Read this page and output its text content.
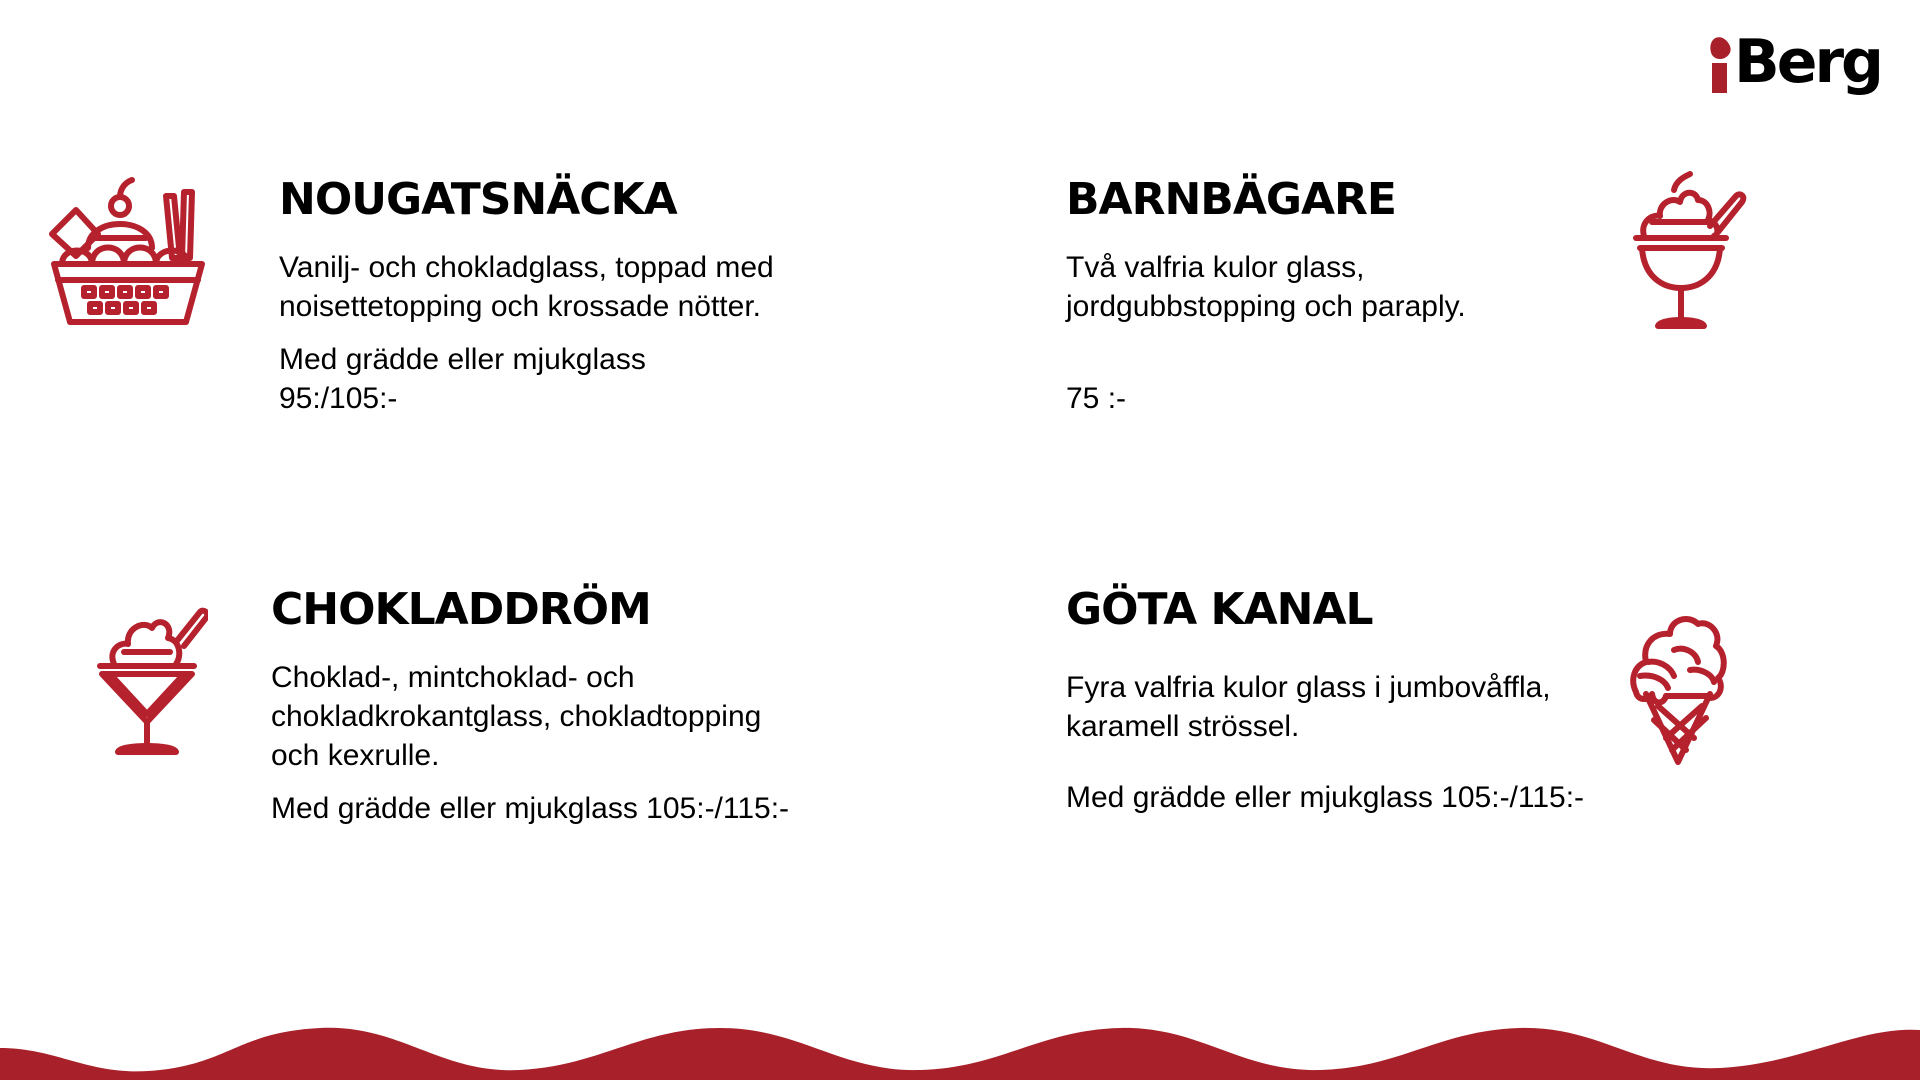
Berg
NOUGATSNÄCKA

Vanilj- och chokladglass, toppad med
noisettetopping och krossade nötter.

Med grädde eller mjukglass
95:/105:-

BARNBÄGARE

Två valfria kulor glass,
jordgubbstopping och paraply.

75 :-

CHOKLADDRÖM

Choklad-, mintchoklad- och
chokladkrokantglass, chokladtopping
och kexrulle.

Med grädde eller mjukglass 105:-/115:-

GÖTA KANAL

Fyra valfria kulor glass i jumbovåffla,
karamell strössel.

Med grädde eller mjukglass 105:-/115:-
